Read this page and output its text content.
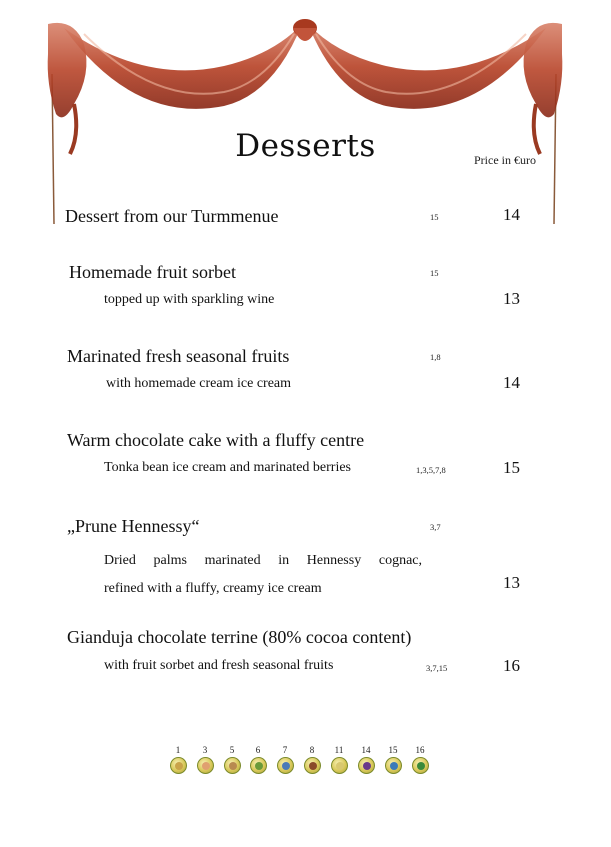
Desserts	Price in €uro
Dessert from our Turmmenue	15	14
Homemade fruit sorbet	15
topped up with sparkling wine	13
Marinated fresh seasonal fruits	1,8
with homemade cream ice cream	14
Warm chocolate cake with a fluffy centre
Tonka bean ice cream and marinated berries	1,3,5,7,8	15
„Prune Hennessy“	3,7
Dried palms marinated in Hennessy cognac,
refined with a fluffy, creamy ice cream	13
Gianduja chocolate terrine (80% cocoa content)
with fruit sorbet and fresh seasonal fruits	3,7,15	16
1	3	5	6	7	8	11	14	15	16
